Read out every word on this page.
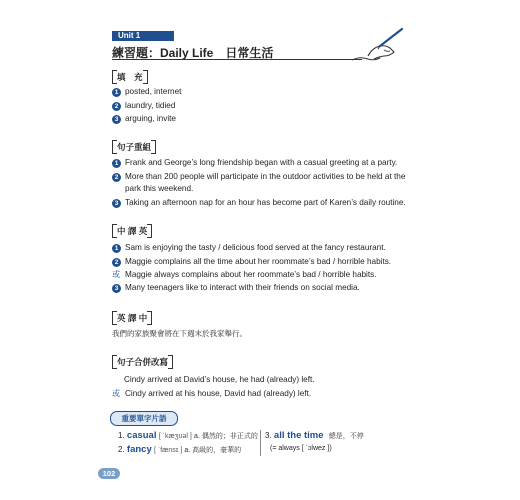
Unit 1
練習題：Daily Life　日常生活
填　充
1 posted, internet
2 laundry, tidied
3 arguing, invite
句子重組
1 Frank and George’s long friendship began with a casual greeting at a party.
2 More than 200 people will participate in the outdoor activities to be held at the
park this weekend.
3 Taking an afternoon nap for an hour has become part of Karen’s daily routine.
中 譯 英
1 Sam is enjoying the tasty / delicious food served at the fancy restaurant.
2 Maggie complains all the time about her roommate’s bad / horrible habits.
或 Maggie always complains about her roommate’s bad / horrible habits.
3 Many teenagers like to interact with their friends on social media.
英 譯 中
我們的家族聚會將在下週末於我家舉行。
句子合併改寫
Cindy arrived at David’s house, he had (already) left.
或 Cindy arrived at his house, David had (already) left.
重要單字片語
1. casual [ ˈkæʒʊəl ] a. 偶然的；非正式的
2. fancy [ ˈfænsɪ ] a. 高級的，豪華的
3. all the time 總是，不停
(= always [ ˈɔlwez ])
102
